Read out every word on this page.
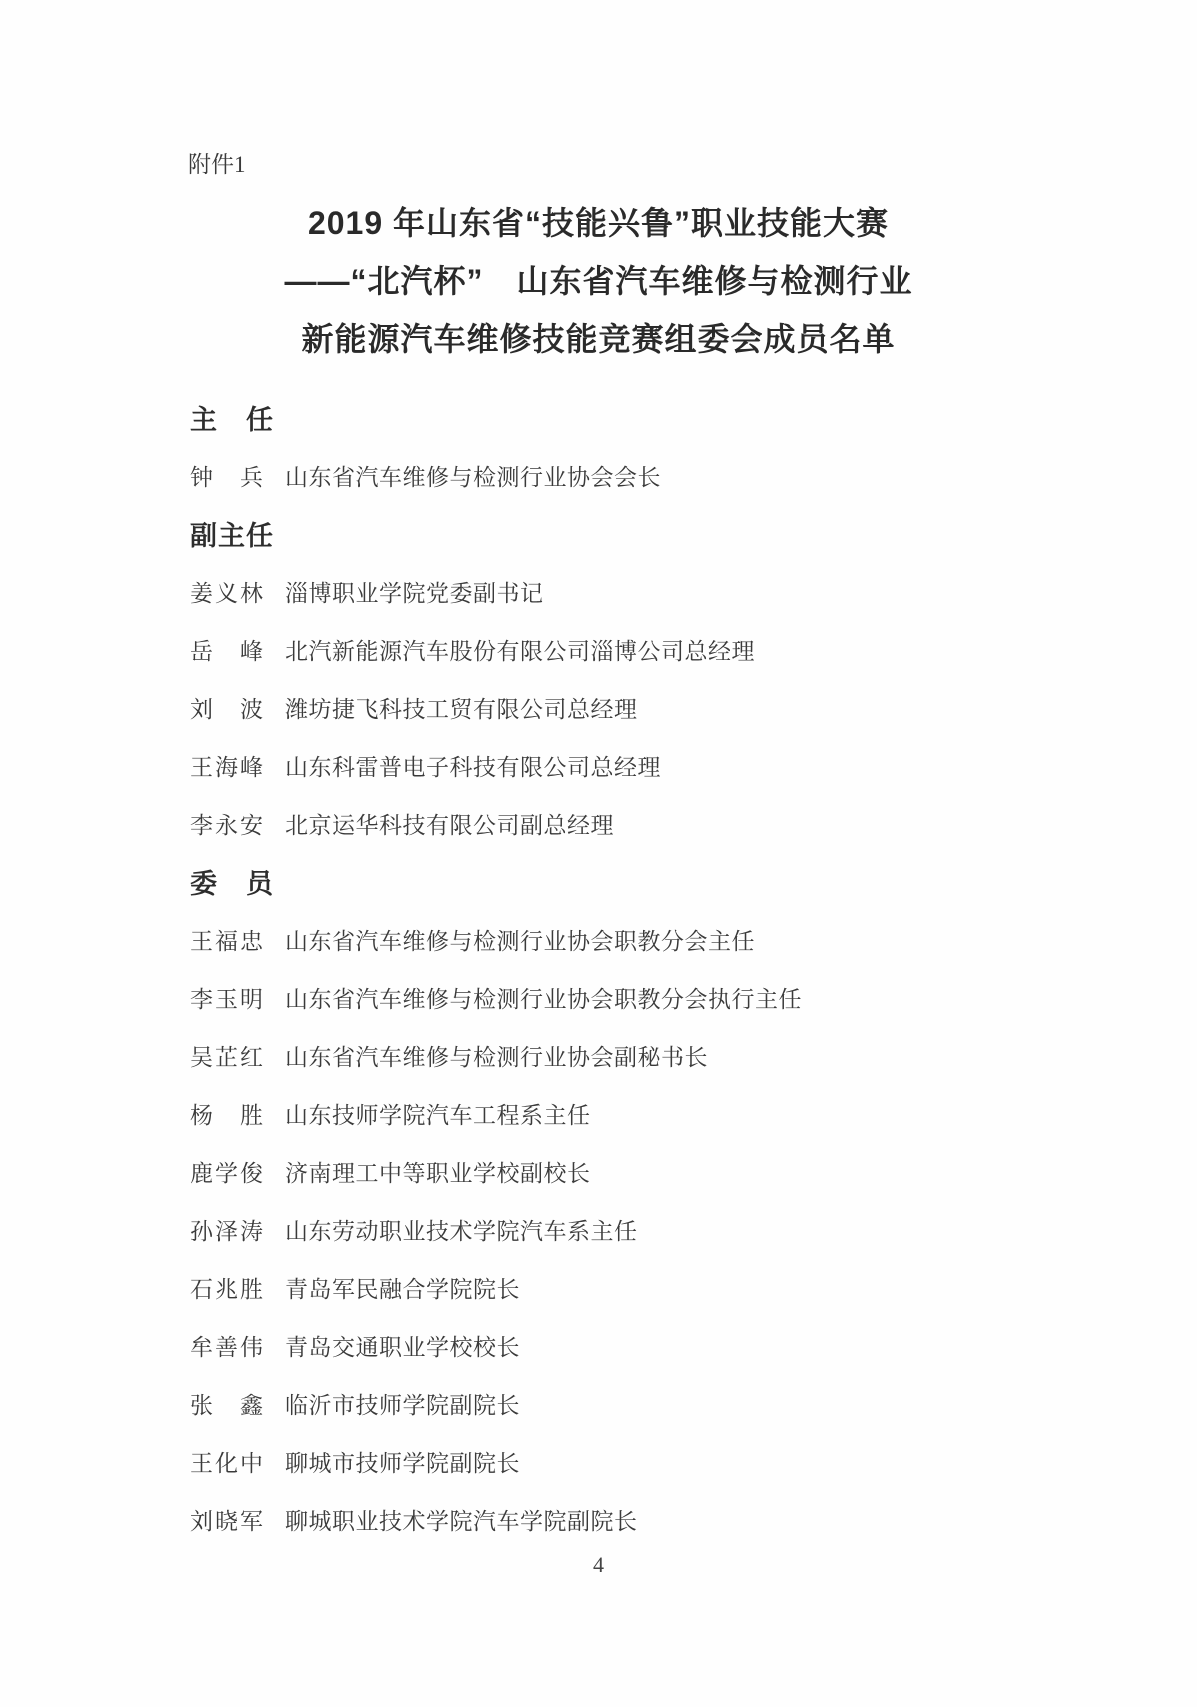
附件1
2019 年山东省“技能兴鲁”职业技能大赛
——“北汽杯”　山东省汽车维修与检测行业
新能源汽车维修技能竞赛组委会成员名单
主　任
钟　兵 山东省汽车维修与检测行业协会会长
副主任
姜义林 淄博职业学院党委副书记
岳　峰 北汽新能源汽车股份有限公司淄博公司总经理
刘　波 潍坊捷飞科技工贸有限公司总经理
王海峰 山东科雷普电子科技有限公司总经理
李永安 北京运华科技有限公司副总经理
委　员
王福忠 山东省汽车维修与检测行业协会职教分会主任
李玉明 山东省汽车维修与检测行业协会职教分会执行主任
吴芷红 山东省汽车维修与检测行业协会副秘书长
杨　胜 山东技师学院汽车工程系主任
鹿学俊 济南理工中等职业学校副校长
孙泽涛 山东劳动职业技术学院汽车系主任
石兆胜 青岛军民融合学院院长
牟善伟 青岛交通职业学校校长
张　鑫 临沂市技师学院副院长
王化中 聊城市技师学院副院长
刘晓军 聊城职业技术学院汽车学院副院长
4
